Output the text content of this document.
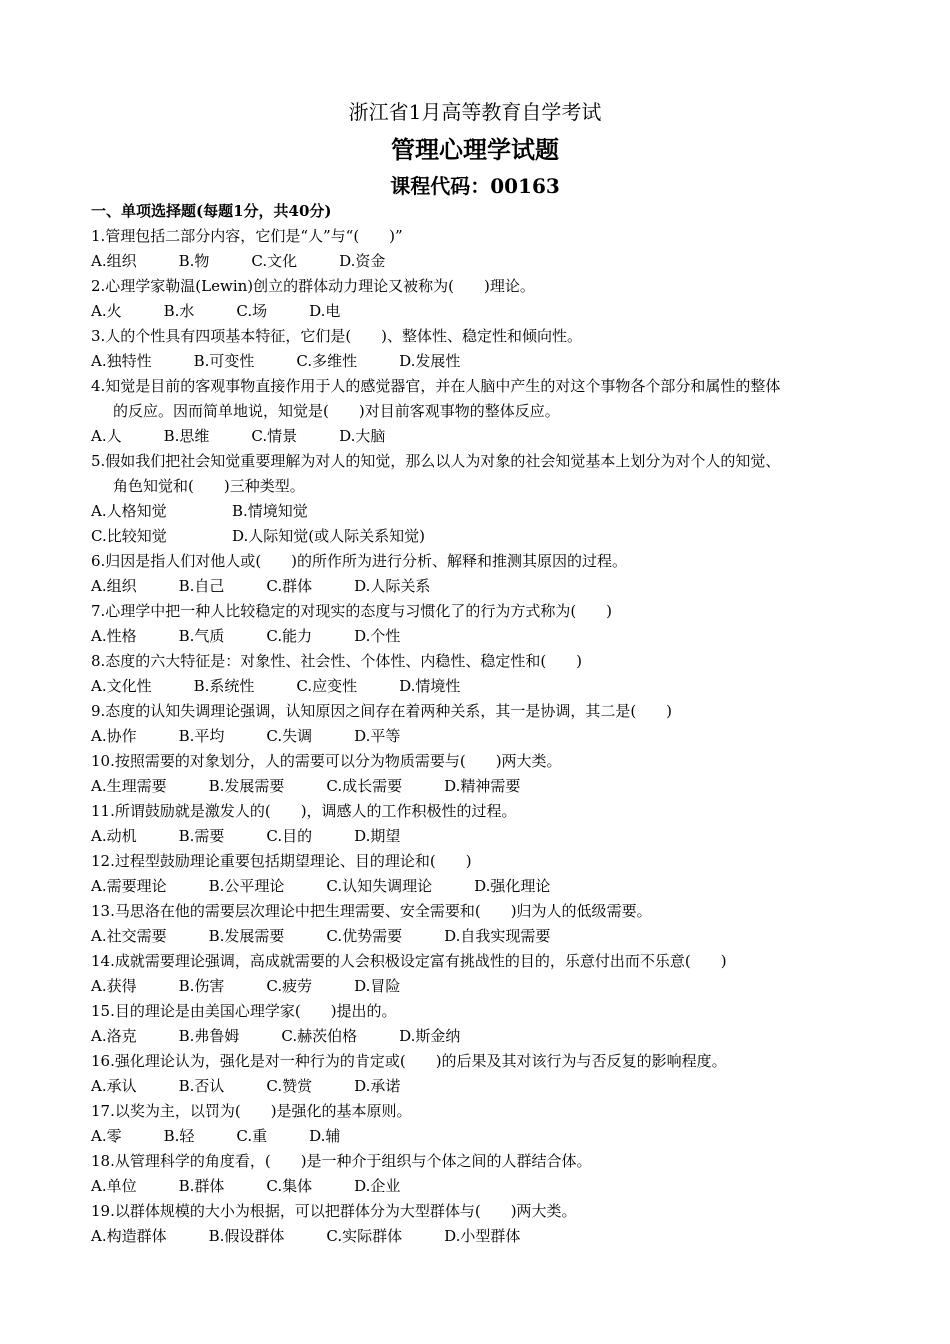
浙江省1月高等教育自学考试
管理心理学试题
课程代码：00163
一、单项选择题(每题1分，共40分)
1.管理包括二部分内容，它们是“人”与“(　　)”
A.组织	B.物	C.文化	D.资金
2.心理学家勒温(Lewin)创立的群体动力理论又被称为(　　)理论。
A.火	B.水	C.场	D.电
3.人的个性具有四项基本特征，它们是(　　)、整体性、稳定性和倾向性。
A.独特性	B.可变性	C.多维性	D.发展性
4.知觉是目前的客观事物直接作用于人的感觉器官，并在人脑中产生的对这个事物各个部分和属性的整体
的反应。因而简单地说，知觉是(　　)对目前客观事物的整体反应。
A.人	B.思维	C.情景	D.大脑
5.假如我们把社会知觉重要理解为对人的知觉，那么以人为对象的社会知觉基本上划分为对个人的知觉、
角色知觉和(　　)三种类型。
A.人格知觉	B.情境知觉
C.比较知觉	D.人际知觉(或人际关系知觉)
6.归因是指人们对他人或(　　)的所作所为进行分析、解释和推测其原因的过程。
A.组织	B.自己	C.群体	D.人际关系
7.心理学中把一种人比较稳定的对现实的态度与习惯化了的行为方式称为(　　)
A.性格	B.气质	C.能力	D.个性
8.态度的六大特征是：对象性、社会性、个体性、内稳性、稳定性和(　　)
A.文化性	B.系统性	C.应变性	D.情境性
9.态度的认知失调理论强调，认知原因之间存在着两种关系，其一是协调，其二是(　　)
A.协作	B.平均	C.失调	D.平等
10.按照需要的对象划分，人的需要可以分为物质需要与(　　)两大类。
A.生理需要	B.发展需要	C.成长需要	D.精神需要
11.所谓鼓励就是激发人的(　　)，调感人的工作积极性的过程。
A.动机	B.需要	C.目的	D.期望
12.过程型鼓励理论重要包括期望理论、目的理论和(　　)
A.需要理论	B.公平理论	C.认知失调理论	D.强化理论
13.马思洛在他的需要层次理论中把生理需要、安全需要和(　　)归为人的低级需要。
A.社交需要	B.发展需要	C.优势需要	D.自我实现需要
14.成就需要理论强调，高成就需要的人会积极设定富有挑战性的目的，乐意付出而不乐意(　　)
A.获得	B.伤害	C.疲劳	D.冒险
15.目的理论是由美国心理学家(　　)提出的。
A.洛克	B.弗鲁姆	C.赫茨伯格	D.斯金纳
16.强化理论认为，强化是对一种行为的肯定或(　　)的后果及其对该行为与否反复的影响程度。
A.承认	B.否认	C.赞赏	D.承诺
17.以奖为主，以罚为(　　)是强化的基本原则。
A.零	B.轻	C.重	D.辅
18.从管理科学的角度看，(　　)是一种介于组织与个体之间的人群结合体。
A.单位	B.群体	C.集体	D.企业
19.以群体规模的大小为根据，可以把群体分为大型群体与(　　)两大类。
A.构造群体	B.假设群体	C.实际群体	D.小型群体
